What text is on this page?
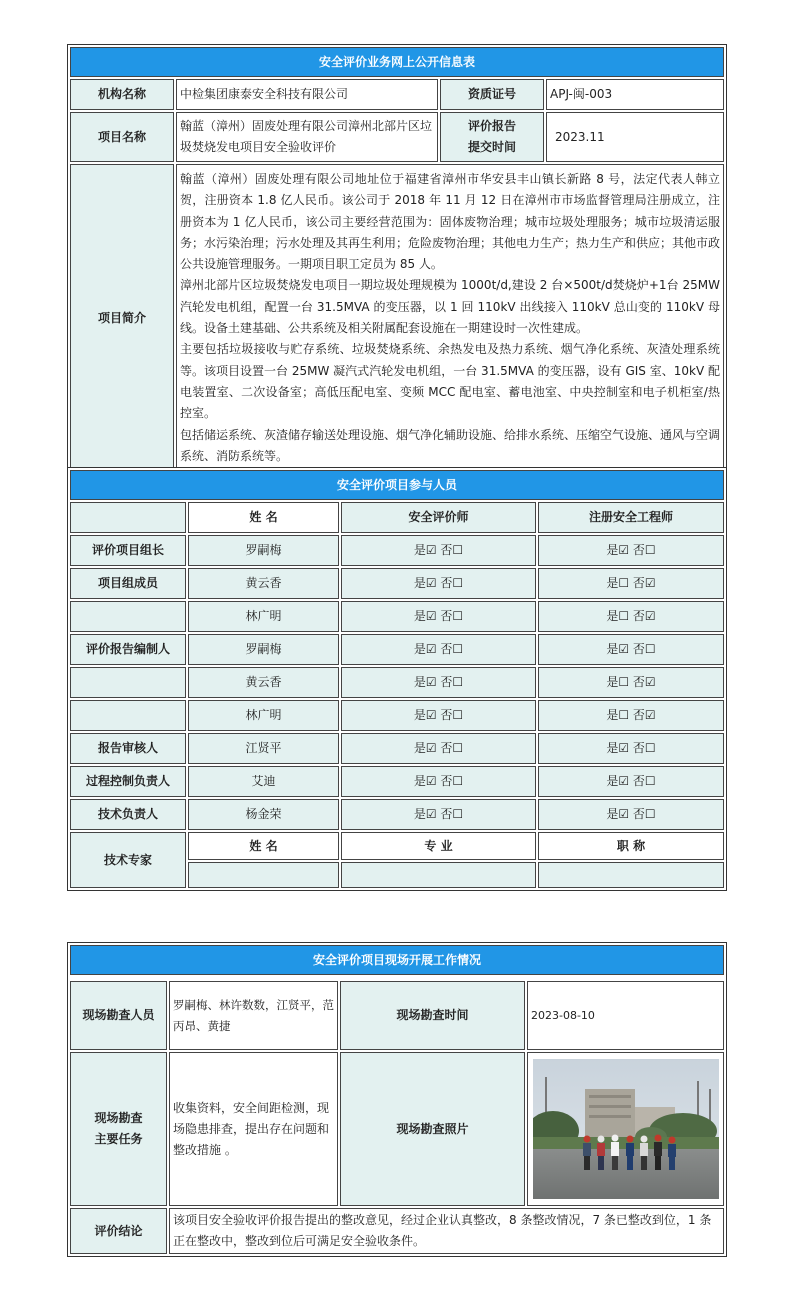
安全评价业务网上公开信息表			
机构名称	中检集团康泰安全科技有限公司	资质证号	APJ-闽-003
项目名称	翰蓝（漳州）固废处理有限公司漳州北部片区垃圾焚烧发电项目安全验收评价	评价报告提交时间	2023.11
项目简介	翰蓝（漳州）固废处理有限公司地址位于福建省漳州市华安县丰山镇长新路 8 号，法定代表人韩立贺，注册资本 1.8 亿人民币。该公司于 2018 年 11 月 12 日在漳州市市场监督管理局注册成立，注册资本为 1 亿人民币，该公司主要经营范围为：固体废物治理；城市垃圾处理服务；城市垃圾清运服务；水污染治理；污水处理及其再生利用；危险废物治理；其他电力生产；热力生产和供应；其他市政公共设施管理服务。一期项目职工定员为 85 人。
漳州北部片区垃圾焚烧发电项目一期垃圾处理规模为 1000t/d,建设 2 台×500t/d焚烧炉+1台 25MW 汽轮发电机组，配置一台 31.5MVA 的变压器，以 1 回 110kV 出线接入 110kV 总山变的 110kV 母线。设备土建基础、公共系统及相关附属配套设施在一期建设时一次性建成。
主要包括垃圾接收与贮存系统、垃圾焚烧系统、余热发电及热力系统、烟气净化系统、灰渣处理系统等。该项目设置一台 25MW 凝汽式汽轮发电机组，一台 31.5MVA 的变压器，设有 GIS 室、10kV 配电装置室、二次设备室；高低压配电室、变频 MCC 配电室、蓄电池室、中央控制室和电子机柜室/热控室。
包括储运系统、灰渣储存输送处理设施、烟气净化辅助设施、给排水系统、压缩空气设施、通风与空调系统、消防系统等。		
安全评价项目参与人员			
	姓 名	安全评价师	注册安全工程师
评价项目组长	罗嗣梅	是☑ 否☐	是☑ 否☐
项目组成员	黄云香	是☑ 否☐	是☐ 否☑
	林广明	是☑ 否☐	是☐ 否☑
评价报告编制人	罗嗣梅	是☑ 否☐	是☑ 否☐
	黄云香	是☑ 否☐	是☐ 否☑
	林广明	是☑ 否☐	是☐ 否☑
报告审核人	江贤平	是☑ 否☐	是☑ 否☐
过程控制负责人	艾迪	是☑ 否☐	是☑ 否☐
技术负责人	杨金荣	是☑ 否☐	是☑ 否☐
技术专家	姓 名	专 业	职 称

安全评价项目现场开展工作情况			

现场勘查人员	罗嗣梅、林许数数，江贤平，范丙昂、黄捷	现场勘查时间	2023-08-10

现场勘查主要任务	收集资料，安全间距检测，现场隐患排查，提出存在问题和整改措施 。	现场勘查照片	

评价结论	该项目安全验收评价报告提出的整改意见，经过企业认真整改，8 条整改情况，7 条已整改到位，1 条正在整改中，整改到位后可满足安全验收条件。		
